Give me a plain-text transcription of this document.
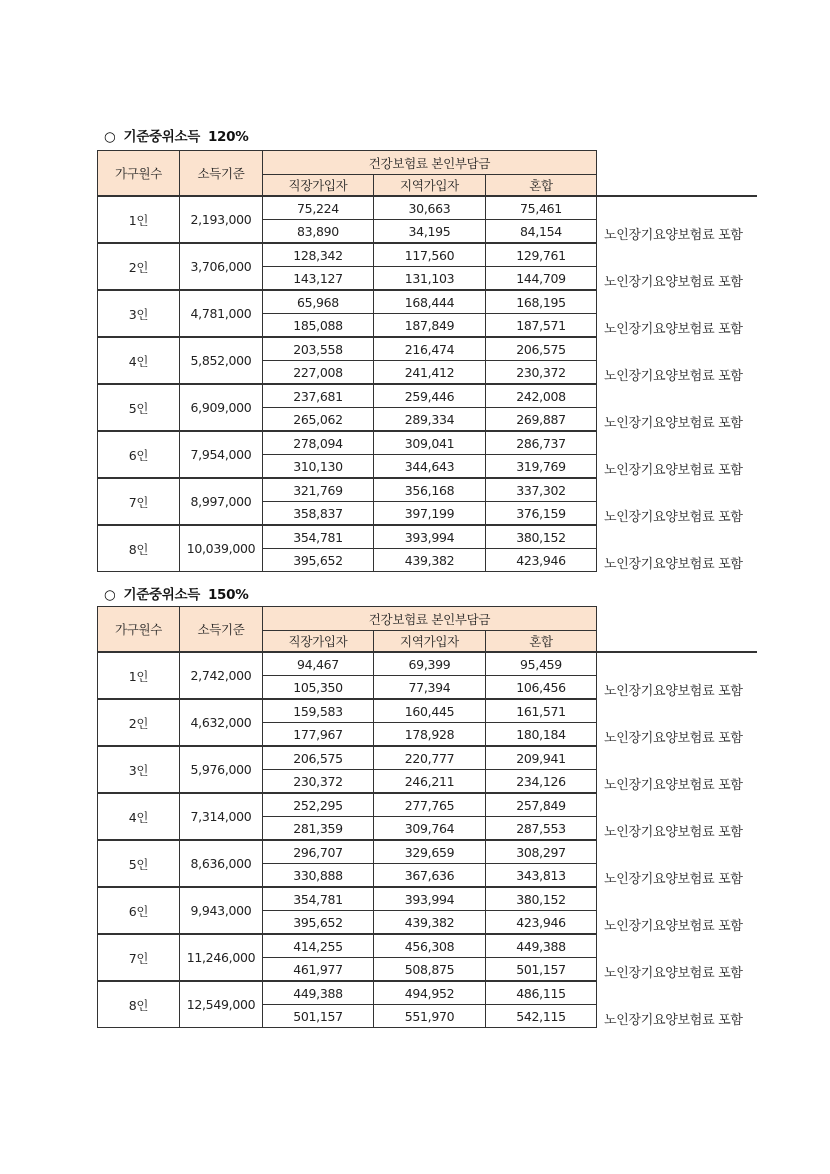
○ 기준중위소득 120%
가구원수	소득기준	건강보험료 본인부담금			
		직장가입자	지역가입자	혼합	
1인	2,193,000	75,224	30,663	75,461	
		83,890	34,195	84,154	노인장기요양보험료 포함
2인	3,706,000	128,342	117,560	129,761	
		143,127	131,103	144,709	노인장기요양보험료 포함
3인	4,781,000	65,968	168,444	168,195	
		185,088	187,849	187,571	노인장기요양보험료 포함
4인	5,852,000	203,558	216,474	206,575	
		227,008	241,412	230,372	노인장기요양보험료 포함
5인	6,909,000	237,681	259,446	242,008	
		265,062	289,334	269,887	노인장기요양보험료 포함
6인	7,954,000	278,094	309,041	286,737	
		310,130	344,643	319,769	노인장기요양보험료 포함
7인	8,997,000	321,769	356,168	337,302	
		358,837	397,199	376,159	노인장기요양보험료 포함
8인	10,039,000	354,781	393,994	380,152	
		395,652	439,382	423,946	노인장기요양보험료 포함
○ 기준중위소득 150%
가구원수	소득기준	건강보험료 본인부담금			
		직장가입자	지역가입자	혼합	
1인	2,742,000	94,467	69,399	95,459	
		105,350	77,394	106,456	노인장기요양보험료 포함
2인	4,632,000	159,583	160,445	161,571	
		177,967	178,928	180,184	노인장기요양보험료 포함
3인	5,976,000	206,575	220,777	209,941	
		230,372	246,211	234,126	노인장기요양보험료 포함
4인	7,314,000	252,295	277,765	257,849	
		281,359	309,764	287,553	노인장기요양보험료 포함
5인	8,636,000	296,707	329,659	308,297	
		330,888	367,636	343,813	노인장기요양보험료 포함
6인	9,943,000	354,781	393,994	380,152	
		395,652	439,382	423,946	노인장기요양보험료 포함
7인	11,246,000	414,255	456,308	449,388	
		461,977	508,875	501,157	노인장기요양보험료 포함
8인	12,549,000	449,388	494,952	486,115	
		501,157	551,970	542,115	노인장기요양보험료 포함
